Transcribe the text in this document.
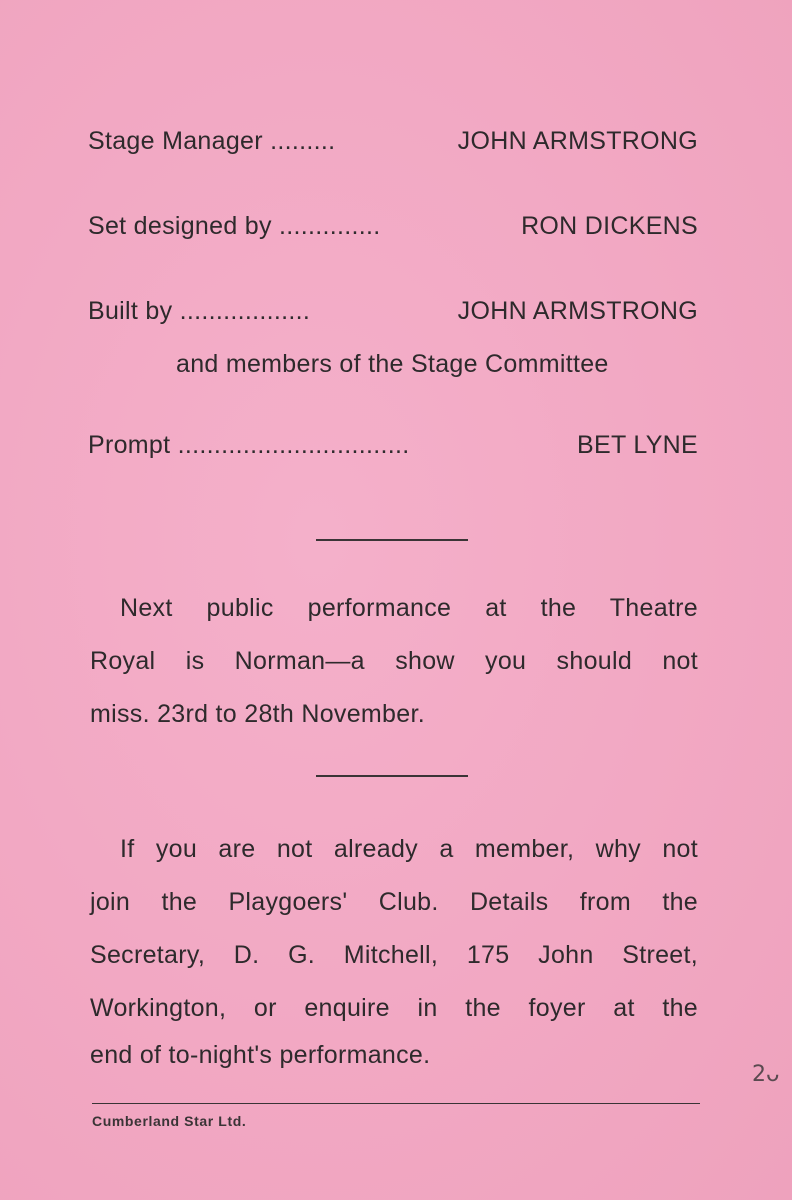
Stage Manager .........	JOHN ARMSTRONG
Set designed by ..............	RON DICKENS
Built by ..................	JOHN ARMSTRONG
and members of the Stage Committee
Prompt ................................	BET LYNE
Next public performance at the Theatre
Royal is Norman—a show you should not
miss. 23rd to 28th November.
If you are not already a member, why not
join the Playgoers' Club. Details from the
Secretary, D. G. Mitchell, 175 John Street,
Workington, or enquire in the foyer at the
end of to-night's performance.
2ᴗ
Cumberland Star Ltd.
